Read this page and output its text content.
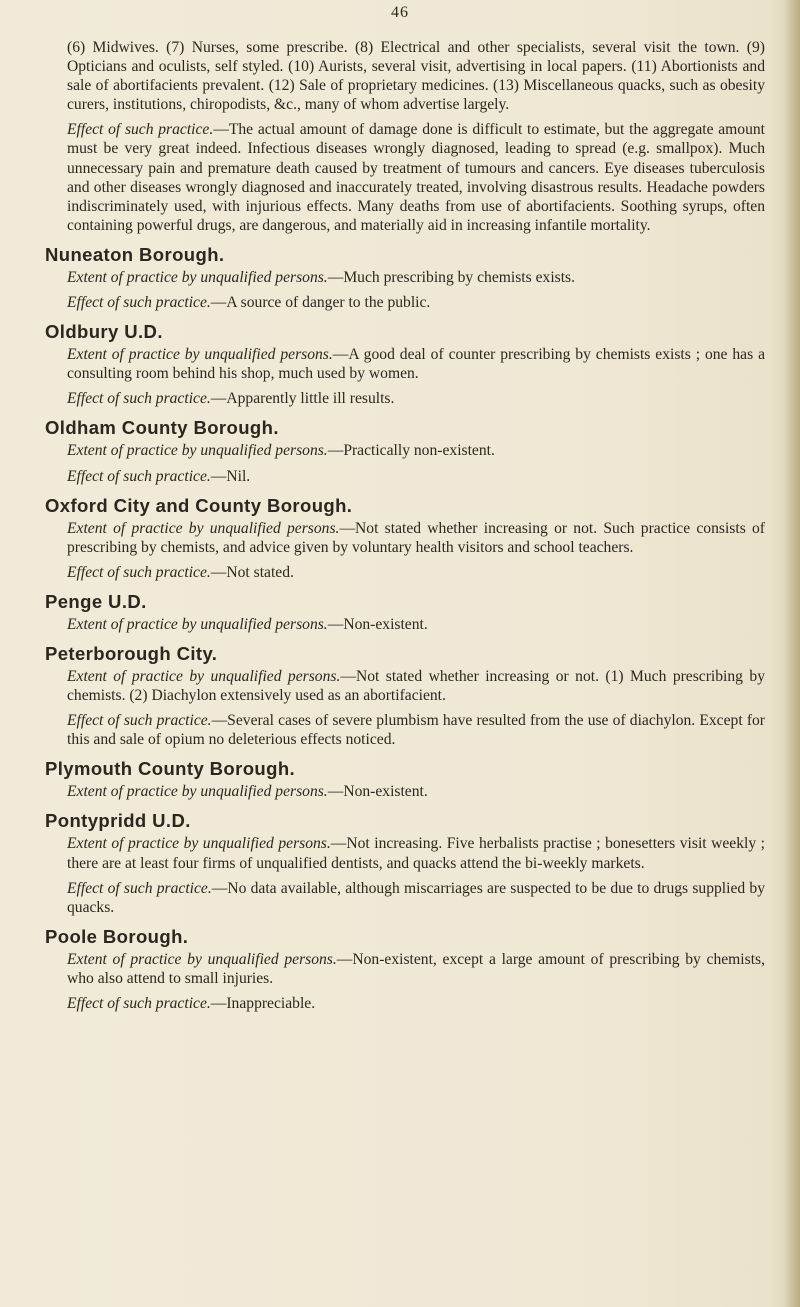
46

(6) Midwives. (7) Nurses, some prescribe. (8) Electrical and other specialists, several visit the town. (9) Opticians and oculists, self styled. (10) Aurists, several visit, advertising in local papers. (11) Abortionists and sale of abortifacients prevalent. (12) Sale of proprietary medicines. (13) Miscellaneous quacks, such as obesity curers, institutions, chiropodists, &c., many of whom advertise largely.

Effect of such practice.—The actual amount of damage done is difficult to estimate, but the aggregate amount must be very great indeed. Infectious diseases wrongly diagnosed, leading to spread (e.g. smallpox). Much unnecessary pain and premature death caused by treatment of tumours and cancers. Eye diseases tuberculosis and other diseases wrongly diagnosed and inaccurately treated, involving disastrous results. Headache powders indiscriminately used, with injurious effects. Many deaths from use of abortifacients. Soothing syrups, often containing powerful drugs, are dangerous, and materially aid in increasing infantile mortality.

Nuneaton Borough.

Extent of practice by unqualified persons.—Much prescribing by chemists exists.

Effect of such practice.—A source of danger to the public.

Oldbury U.D.

Extent of practice by unqualified persons.—A good deal of counter prescribing by chemists exists ; one has a consulting room behind his shop, much used by women.

Effect of such practice.—Apparently little ill results.

Oldham County Borough.

Extent of practice by unqualified persons.—Practically non-existent.

Effect of such practice.—Nil.

Oxford City and County Borough.

Extent of practice by unqualified persons.—Not stated whether increasing or not. Such practice consists of prescribing by chemists, and advice given by voluntary health visitors and school teachers.

Effect of such practice.—Not stated.

Penge U.D.

Extent of practice by unqualified persons.—Non-existent.

Peterborough City.

Extent of practice by unqualified persons.—Not stated whether increasing or not. (1) Much prescribing by chemists. (2) Diachylon extensively used as an abortifacient.

Effect of such practice.—Several cases of severe plumbism have resulted from the use of diachylon. Except for this and sale of opium no deleterious effects noticed.

Plymouth County Borough.

Extent of practice by unqualified persons.—Non-existent.

Pontypridd U.D.

Extent of practice by unqualified persons.—Not increasing. Five herbalists practise ; bonesetters visit weekly ; there are at least four firms of unqualified dentists, and quacks attend the bi-weekly markets.

Effect of such practice.—No data available, although miscarriages are suspected to be due to drugs supplied by quacks.

Poole Borough.

Extent of practice by unqualified persons.—Non-existent, except a large amount of prescribing by chemists, who also attend to small injuries.

Effect of such practice.—Inappreciable.
